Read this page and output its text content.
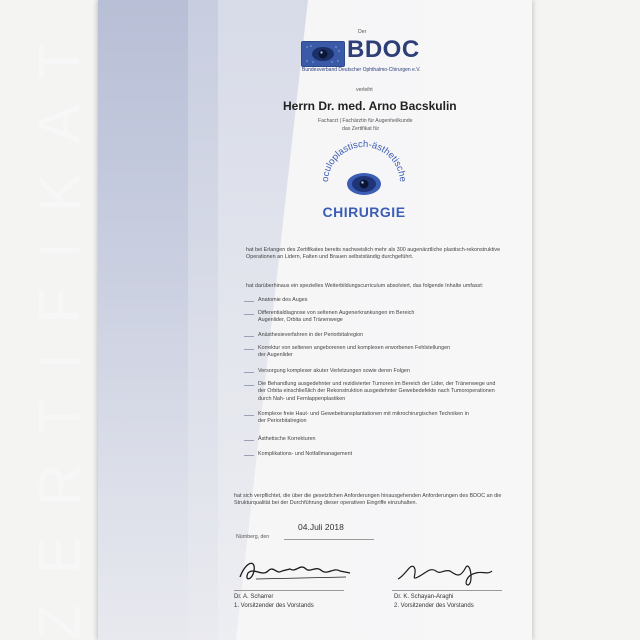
ZERTIFIKAT	Der
BDOC
Bundesverband Deutscher Ophthalmo-Chirurgen e.V.
verleiht
Herrn Dr. med. Arno Bacskulin
Facharzt | Fachärztin für Augenheilkunde
das Zertifikat für
oculoplastisch-ästhetische
CHIRURGIE
hat bei Erlangen des Zertifikates bereits nachweislich mehr als 300 augenärztliche plastisch-rekonstruktive Operationen an Lidern, Falten und Brauen selbstständig durchgeführt.
hat darüberhinaus ein spezielles Weiterbildungscurriculum absolviert, das folgende Inhalte umfasst:
Anatomie des Auges
Differentialdiagnose von seltenen Augenerkrankungen im Bereich Augenlider, Orbita und Tränenwege
Anästhesieverfahren in der Periorbitalregion
Korrektur von seltenen angeborenen und komplexen erworbenen Fehlstellungen der Augenlider
Versorgung komplexer akuter Verletzungen sowie deren Folgen
Die Behandlung ausgedehnter und rezidivierter Tumoren im Bereich der Lider, der Tränenwege und der Orbita einschließlich der Rekonstruktion ausgedehnter Gewebedefekte nach Tumoroperationen durch Nah- und Fernlappenplastiken
Komplexe freie Haut- und Gewebetransplantationen mit mikrochirurgischen Techniken in der Periorbitalregion
Ästhetische Korrekturen
Komplikations- und Notfallmanagement
hat sich verpflichtet, die über die gesetzlichen Anforderungen hinausgehenden Anforderungen des BDOC an die Strukturqualität bei der Durchführung dieser operativen Eingriffe einzuhalten.
04.Juli 2018
Nürnberg, den
Dr. A. Scharrer
1. Vorsitzender des Vorstands
Dr. K. Schayan-Araghi
2. Vorsitzender des Vorstands
